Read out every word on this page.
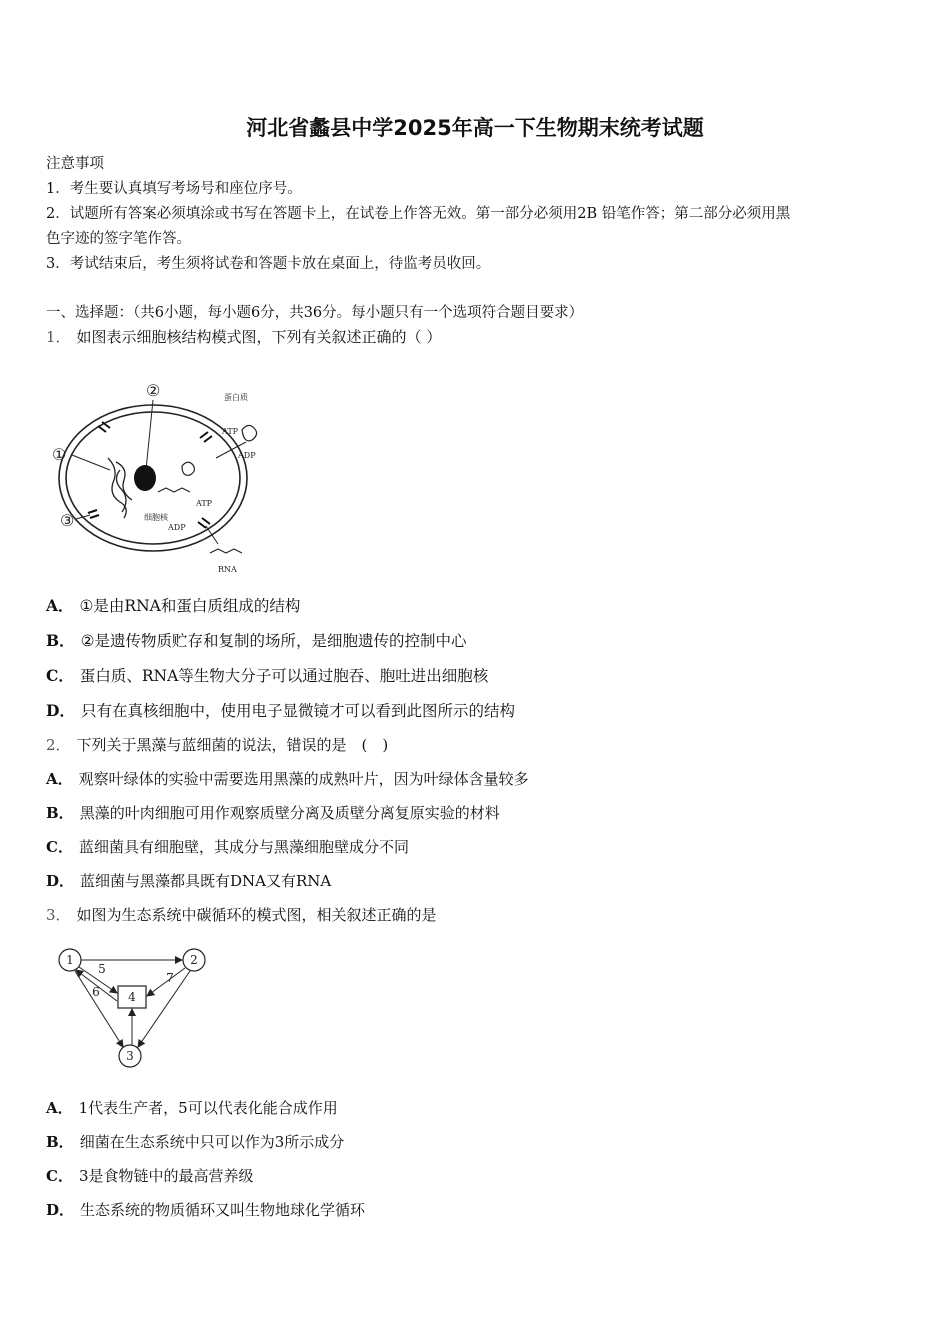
河北省蠡县中学2025年高一下生物期末统考试题
注意事项
1．考生要认真填写考场号和座位序号。
2．试题所有答案必须填涂或书写在答题卡上，在试卷上作答无效。第一部分必须用2B 铅笔作答；第二部分必须用黑
色字迹的签字笔作答。
3．考试结束后，考生须将试卷和答题卡放在桌面上，待监考员收回。
一、选择题：（共6小题，每小题6分，共36分。每小题只有一个选项符合题目要求）
1． 如图表示细胞核结构模式图，下列有关叙述正确的（ ）
②
①
③
蛋白质
ATP
ADP
ATP
ADP
细胞核
RNA
A． ①是由RNA和蛋白质组成的结构
B． ②是遗传物质贮存和复制的场所，是细胞遗传的控制中心
C． 蛋白质、RNA等生物大分子可以通过胞吞、胞吐进出细胞核
D． 只有在真核细胞中，使用电子显微镜才可以看到此图所示的结构
2． 下列关于黑藻与蓝细菌的说法，错误的是　(　)
A． 观察叶绿体的实验中需要选用黑藻的成熟叶片，因为叶绿体含量较多
B． 黑藻的叶肉细胞可用作观察质壁分离及质壁分离复原实验的材料
C． 蓝细菌具有细胞壁，其成分与黑藻细胞壁成分不同
D． 蓝细菌与黑藻都具既有DNA又有RNA
3． 如图为生态系统中碳循环的模式图，相关叙述正确的是
1	2
3
4
5
6
7
A． 1代表生产者，5可以代表化能合成作用
B． 细菌在生态系统中只可以作为3所示成分
C． 3是食物链中的最高营养级
D． 生态系统的物质循环又叫生物地球化学循环
